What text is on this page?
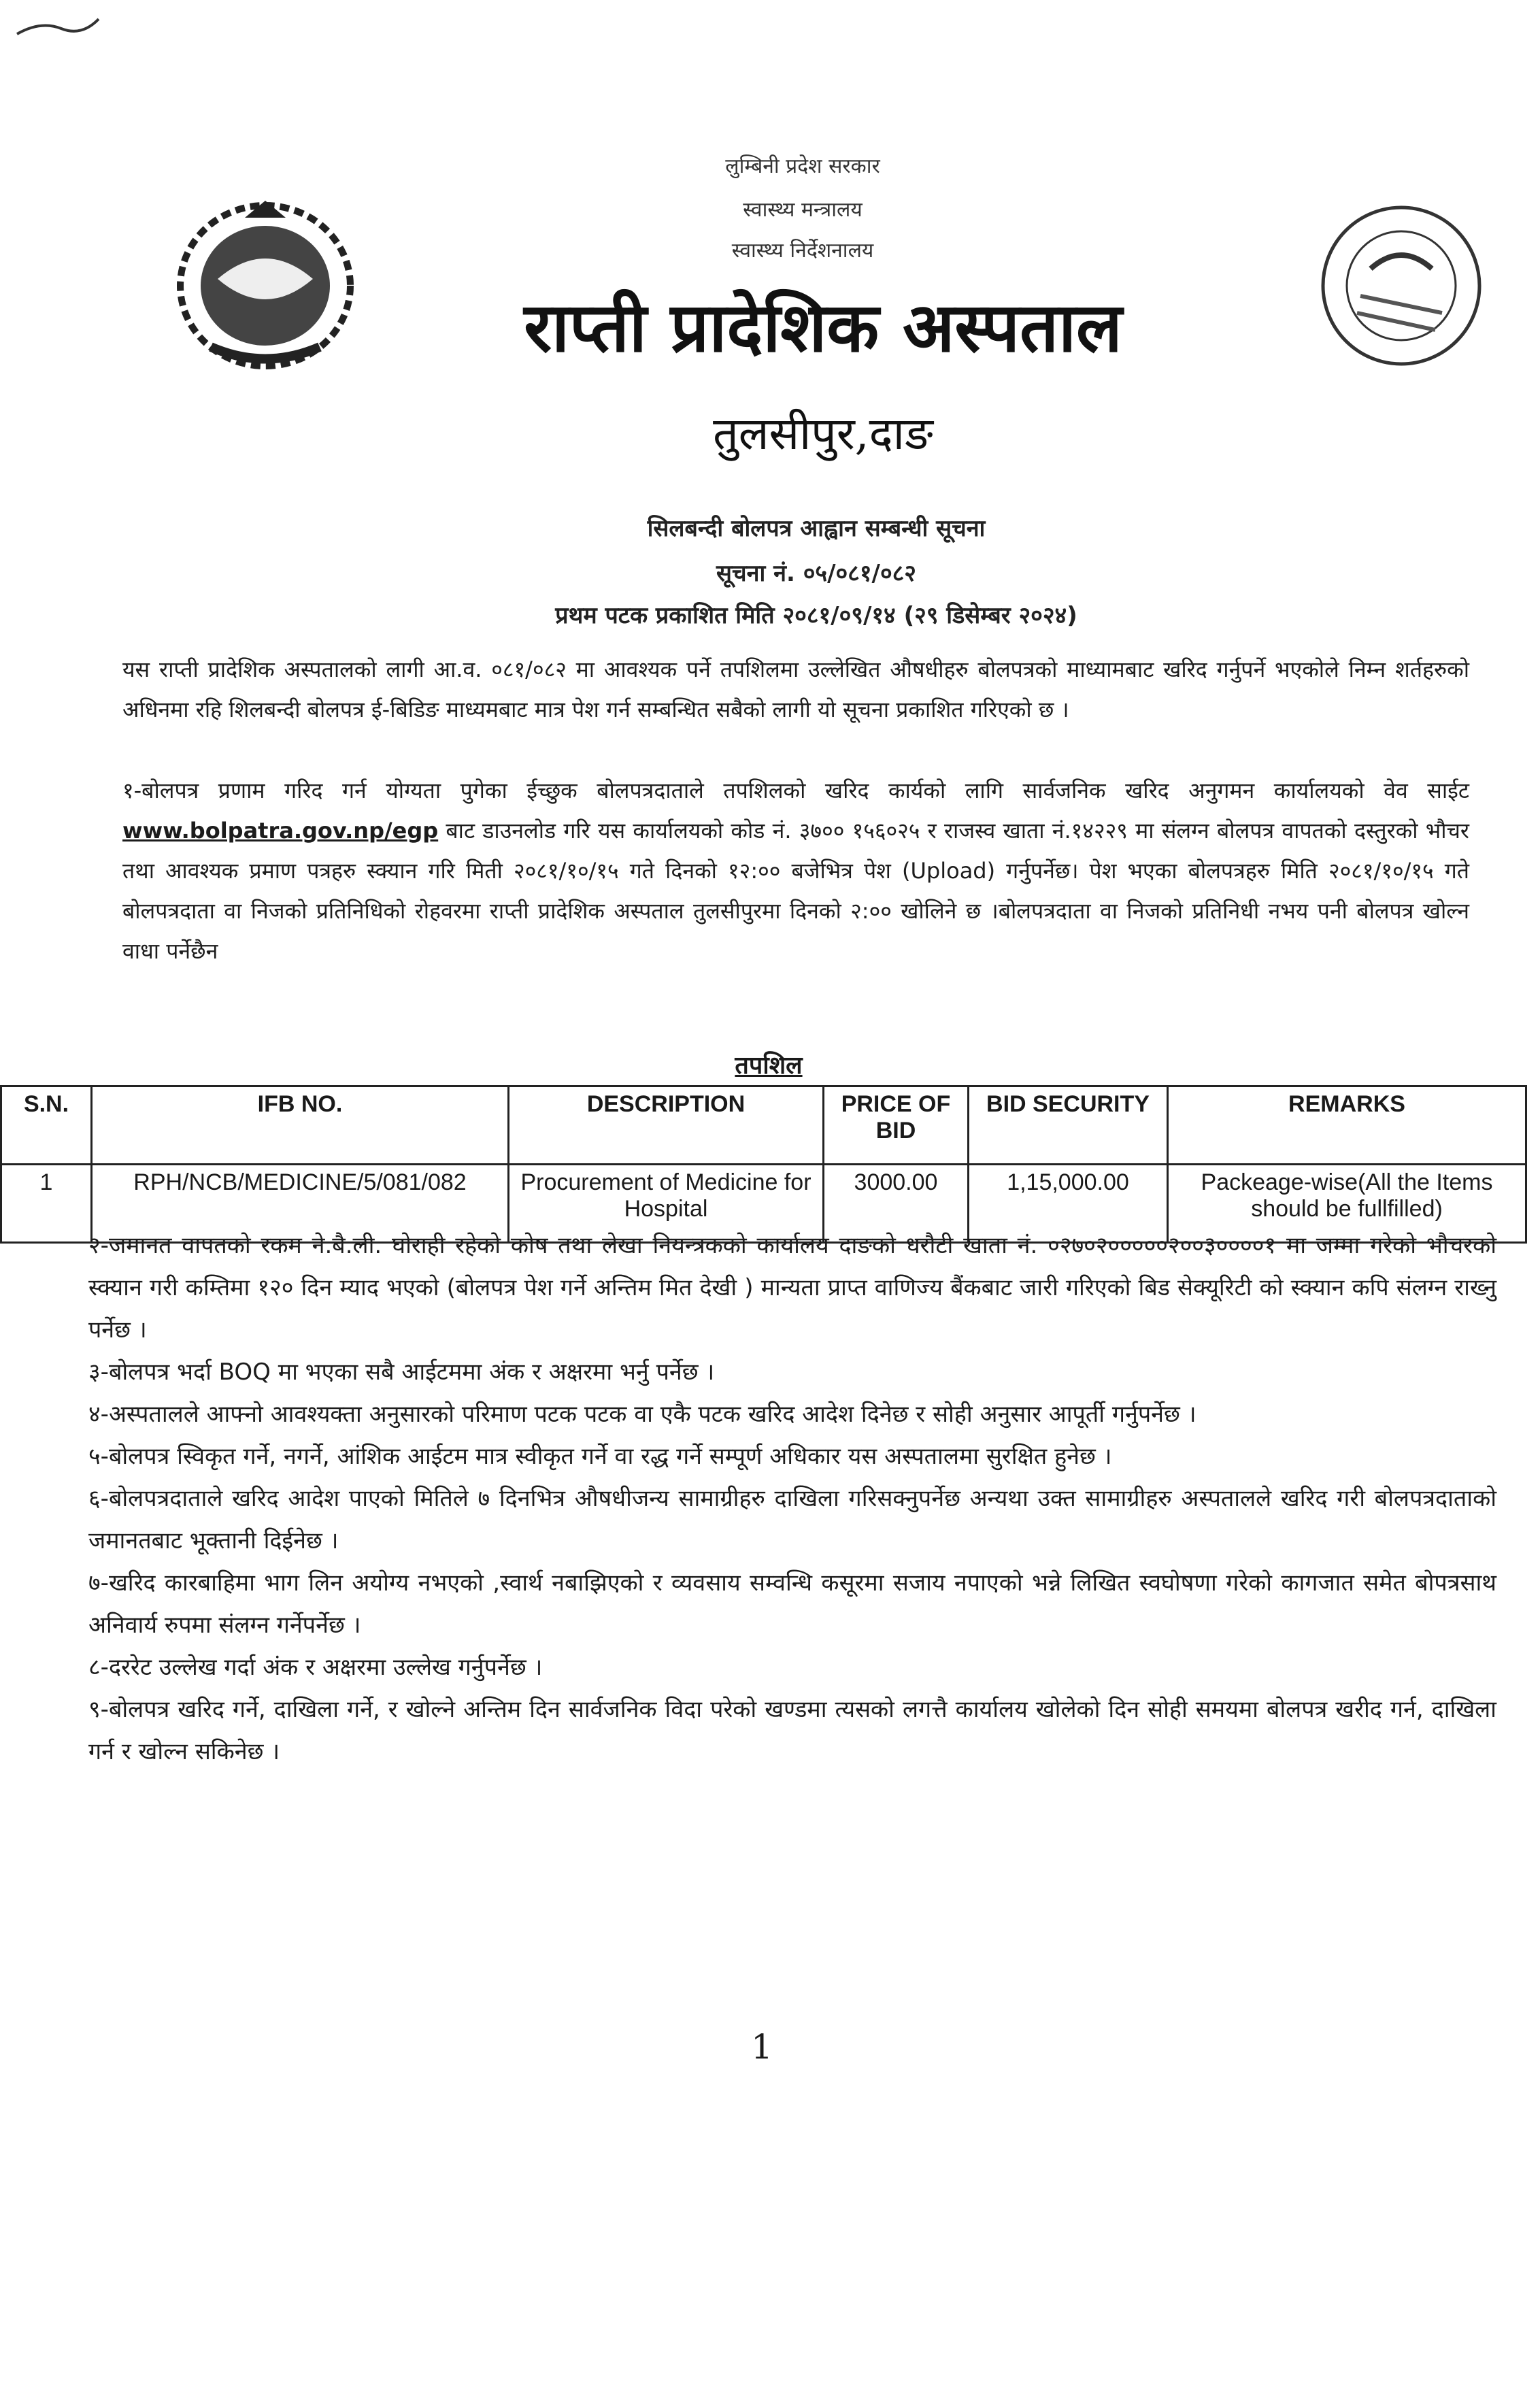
लुम्बिनी प्रदेश सरकार
स्वास्थ्य मन्त्रालय
स्वास्थ्य निर्देशनालय
राप्ती प्रादेशिक अस्पताल
तुलसीपुर,दाङ
सिलबन्दी बोलपत्र आह्वान सम्बन्धी सूचना
सूचना नं. ०५/०८१/०८२
प्रथम पटक प्रकाशित मिति २०८१/०९/१४ (२९ डिसेम्बर २०२४)
यस राप्ती प्रादेशिक अस्पतालको लागी आ.व. ०८१/०८२ मा आवश्यक पर्ने तपशिलमा उल्लेखित औषधीहरु बोलपत्रको माध्यामबाट खरिद गर्नुपर्ने भएकोले निम्न शर्तहरुको अधिनमा रहि शिलबन्दी बोलपत्र ई-बिडिङ माध्यमबाट मात्र पेश गर्न सम्बन्धित सबैको लागी यो सूचना प्रकाशित गरिएको छ ।
१-बोलपत्र प्रणाम गरिद गर्न योग्यता पुगेका ईच्छुक बोलपत्रदाताले तपशिलको खरिद कार्यको लागि सार्वजनिक खरिद अनुगमन कार्यालयको वेव साईट www.bolpatra.gov.np/egp बाट डाउनलोड गरि यस कार्यालयको कोड नं. ३७०० १५६०२५ र राजस्व खाता नं.१४२२९ मा संलग्न बोलपत्र वापतको दस्तुरको भौचर तथा आवश्यक प्रमाण पत्रहरु स्क्यान गरि मिती २०८१/१०/१५ गते दिनको १२:०० बजेभित्र पेश (Upload) गर्नुपर्नेछ। पेश भएका बोलपत्रहरु मिति २०८१/१०/१५ गते बोलपत्रदाता वा निजको प्रतिनिधिको रोहवरमा राप्ती प्रादेशिक अस्पताल तुलसीपुरमा दिनको २:०० खोलिने छ ।बोलपत्रदाता वा निजको प्रतिनिधी नभय पनी बोलपत्र खोल्न वाधा पर्नेछैन
तपशिल
S.N.	IFB NO.	DESCRIPTION	PRICE OF BID	BID SECURITY	REMARKS
1	RPH/NCB/MEDICINE/5/081/082	Procurement of Medicine for Hospital	3000.00	1,15,000.00	Packeage-wise(All the Items should be fullfilled)

२-जमानत वापतको रकम ने.बै.ली. घोराही रहेको कोष तथा लेखा नियन्त्रकको कार्यालय दाङको धरौटी खाता नं. ०२७०२०००००२००३००००१ मा जम्मा गरेको भौचरको स्क्यान गरी कम्तिमा १२० दिन म्याद भएको (बोलपत्र पेश गर्ने अन्तिम मित देखी ) मान्यता प्राप्त वाणिज्य बैंकबाट जारी गरिएको बिड सेक्यूरिटी को स्क्यान कपि संलग्न राख्नु पर्नेछ ।

३-बोलपत्र भर्दा BOQ मा भएका सबै आईटममा अंक र अक्षरमा भर्नु पर्नेछ ।

४-अस्पतालले आफ्नो आवश्यक्ता अनुसारको परिमाण पटक पटक वा एकै पटक खरिद आदेश दिनेछ र सोही अनुसार आपूर्ती गर्नुपर्नेछ ।

५-बोलपत्र स्विकृत गर्ने, नगर्ने, आंशिक आईटम मात्र स्वीकृत गर्ने वा रद्ध गर्ने सम्पूर्ण अधिकार यस अस्पतालमा सुरक्षित हुनेछ ।

६-बोलपत्रदाताले खरिद आदेश पाएको मितिले ७ दिनभित्र औषधीजन्य सामाग्रीहरु दाखिला गरिसक्नुपर्नेछ अन्यथा उक्त सामाग्रीहरु अस्पतालले खरिद गरी बोलपत्रदाताको जमानतबाट भूक्तानी दिईनेछ ।

७-खरिद कारबाहिमा भाग लिन अयोग्य नभएको ,स्वार्थ नबाझिएको र व्यवसाय सम्वन्धि कसूरमा सजाय नपाएको भन्ने लिखित स्वघोषणा गरेको कागजात समेत बोपत्रसाथ अनिवार्य रुपमा संलग्न गर्नेपर्नेछ ।

८-दररेट उल्लेख गर्दा अंक र अक्षरमा उल्लेख गर्नुपर्नेछ ।

९-बोलपत्र खरिद गर्ने, दाखिला गर्ने, र खोल्ने अन्तिम दिन सार्वजनिक विदा परेको खण्डमा त्यसको लगत्तै कार्यालय खोलेको दिन सोही समयमा बोलपत्र खरीद गर्न, दाखिला गर्न र खोल्न सकिनेछ ।

1
